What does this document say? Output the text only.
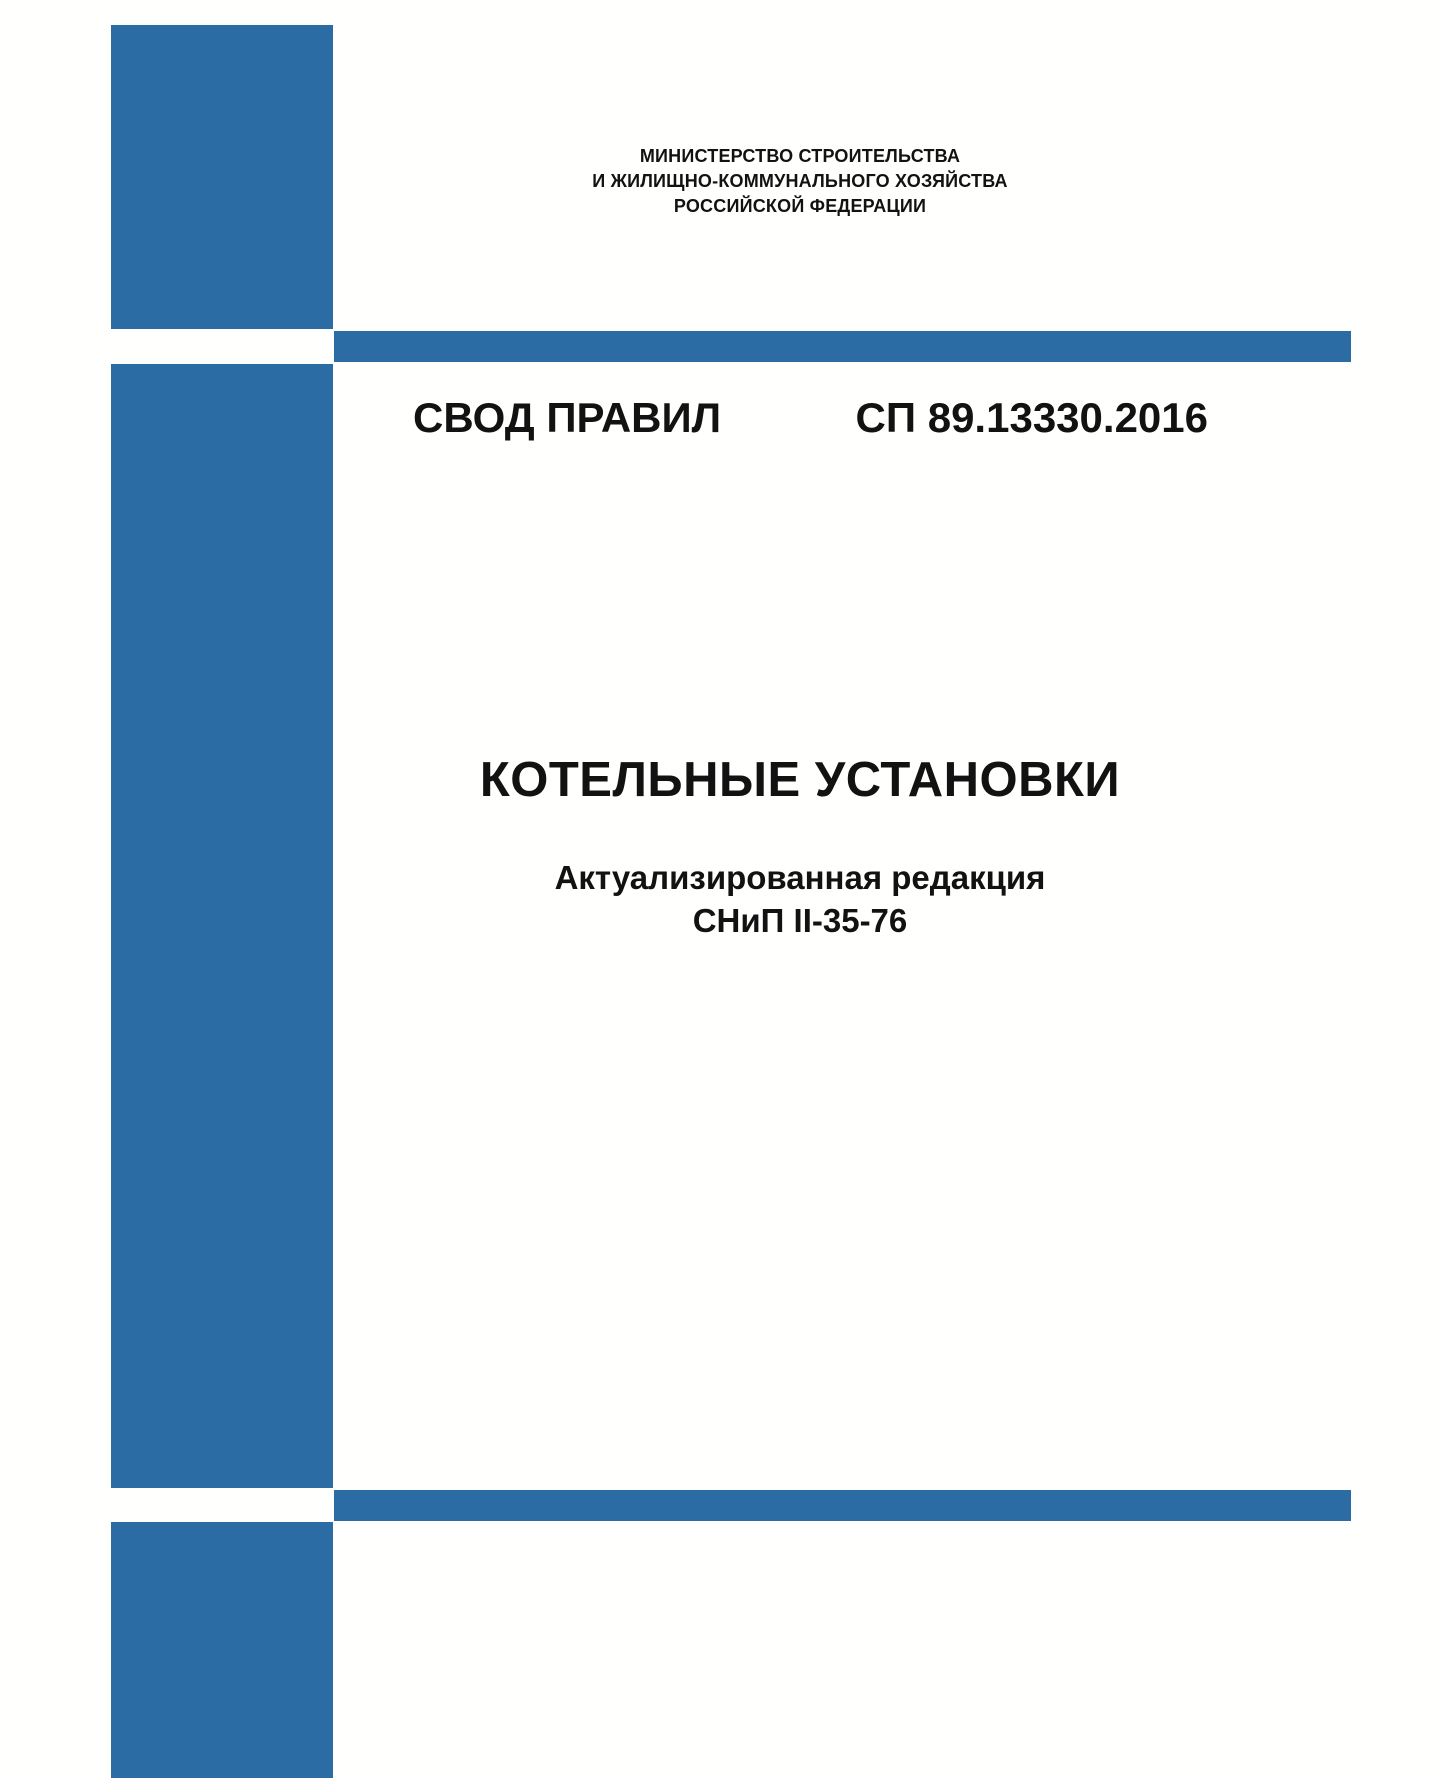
МИНИСТЕРСТВО СТРОИТЕЛЬСТВА
И ЖИЛИЩНО-КОММУНАЛЬНОГО ХОЗЯЙСТВА
РОССИЙСКОЙ ФЕДЕРАЦИИ
СВОД ПРАВИЛ	СП 89.13330.2016
КОТЕЛЬНЫЕ УСТАНОВКИ
Актуализированная редакция
СНиП II-35-76
